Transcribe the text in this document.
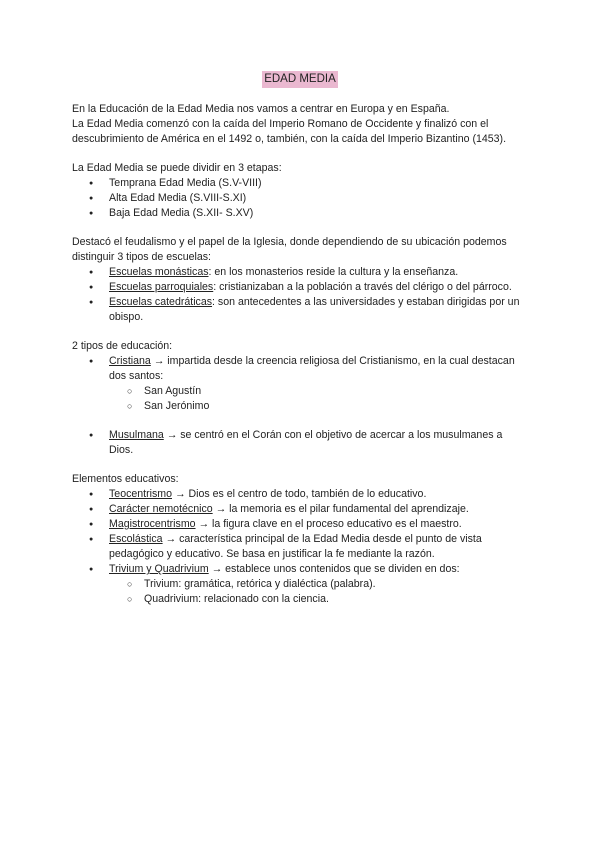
EDAD MEDIA

En la Educación de la Edad Media nos vamos a centrar en Europa y en España.

La Edad Media comenzó con la caída del Imperio Romano de Occidente y finalizó con el descubrimiento de América en el 1492 o, también, con la caída del Imperio Bizantino (1453).

La Edad Media se puede dividir en 3 etapas:

● Temprana Edad Media (S.V-VIII)
● Alta Edad Media (S.VIII-S.XI)
● Baja Edad Media (S.XII- S.XV)

Destacó el feudalismo y el papel de la Iglesia, donde dependiendo de su ubicación podemos distinguir 3 tipos de escuelas:

● Escuelas monásticas: en los monasterios reside la cultura y la enseñanza.
● Escuelas parroquiales: cristianizaban a la población a través del clérigo o del párroco.
● Escuelas catedráticas: son antecedentes a las universidades y estaban dirigidas por un obispo.

2 tipos de educación:

● Cristiana → impartida desde la creencia religiosa del Cristianismo, en la cual destacan dos santos:
○ San Agustín
○ San Jerónimo
● Musulmana → se centró en el Corán con el objetivo de acercar a los musulmanes a Dios.

Elementos educativos:

● Teocentrismo → Dios es el centro de todo, también de lo educativo.
● Carácter nemotécnico → la memoria es el pilar fundamental del aprendizaje.
● Magistrocentrismo → la figura clave en el proceso educativo es el maestro.
● Escolástica → característica principal de la Edad Media desde el punto de vista pedagógico y educativo. Se basa en justificar la fe mediante la razón.
● Trivium y Quadrivium → establece unos contenidos que se dividen en dos:
○ Trivium: gramática, retórica y dialéctica (palabra).
○ Quadrivium: relacionado con la ciencia.
